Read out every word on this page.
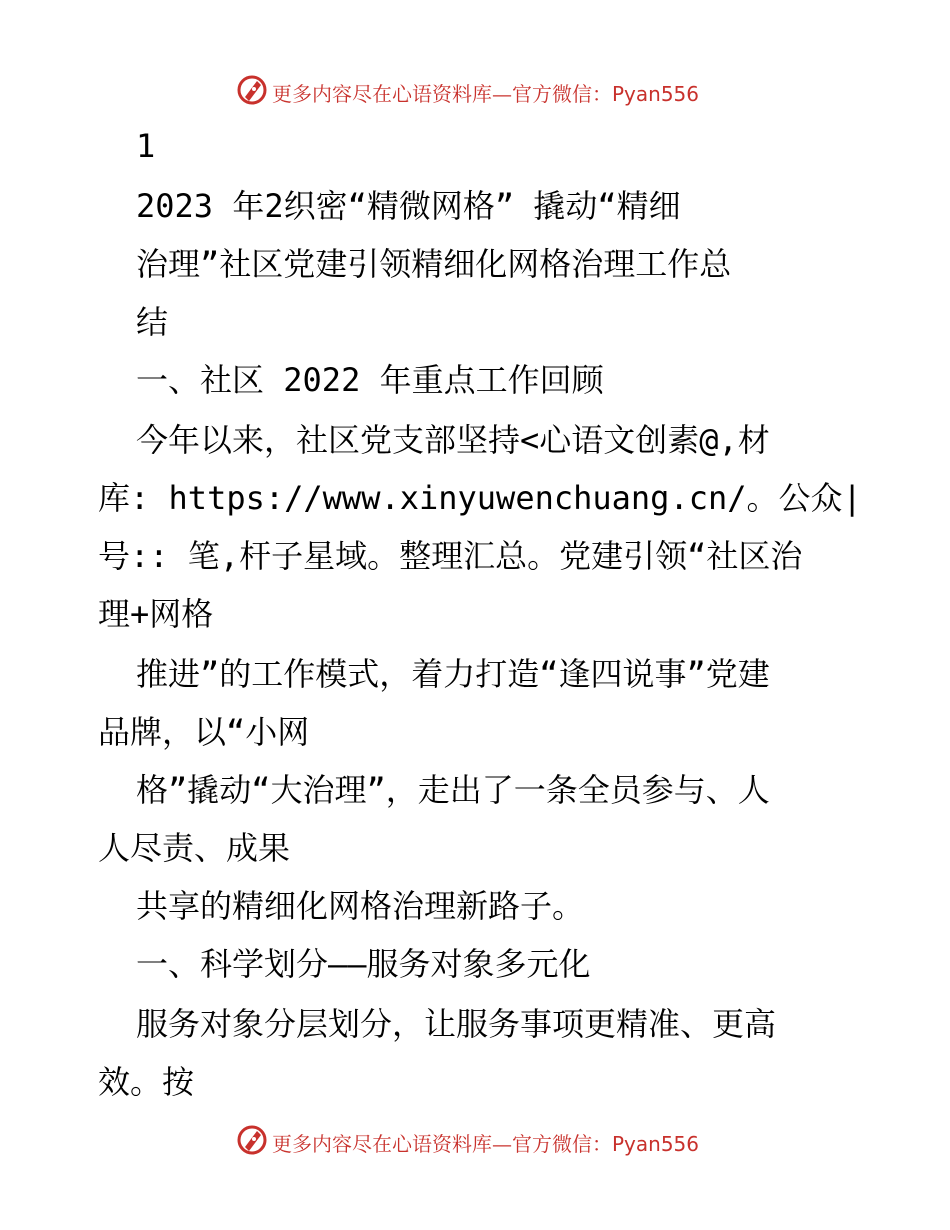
更多内容尽在心语资料库—官方微信：Pyan556
更多内容尽在心语资料库—官方微信：Pyan556
1
2023 年2织密“精微网格” 撬动“精细
治理”社区党建引领精细化网格治理工作总
结
一、社区 2022 年重点工作回顾
今年以来，社区党支部坚持<心语文创素@,材
库: https://www.xinyuwenchuang.cn/。公众|
号:: 笔,杆子星域。整理汇总。党建引领“社区治
理+网格
推进”的工作模式，着力打造“逢四说事”党建
品牌，以“小网
格”撬动“大治理”，走出了一条全员参与、人
人尽责、成果
共享的精细化网格治理新路子。
一、科学划分——服务对象多元化
服务对象分层划分，让服务事项更精准、更高
效。按
